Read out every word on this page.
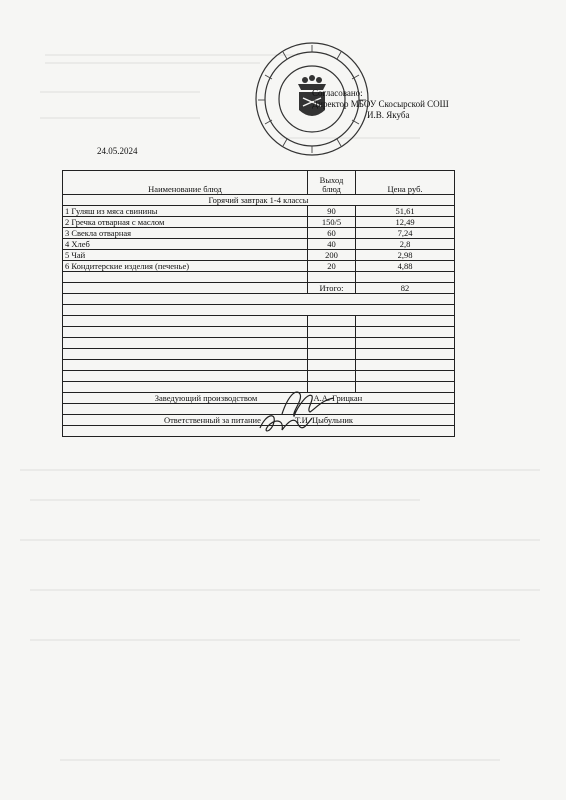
Согласовано:
Директор МБОУ Скосырской СОШ
И.В. Якуба
24.05.2024
Наименование блюд	Выход блюд	Цена руб.
Горячий завтрак 1-4 классы		
1 Гуляш из мяса свинины	90	51,61
2 Гречка отварная с маслом	150/5	12,49
3 Свекла отварная	60	7,24
4 Хлеб	40	2,8
5 Чай	200	2,98
6 Кондитерские изделия (печенье)	20	4,88

	Итого:	82

Заведующий производством А.А. Грицкан		

Ответственный за питание Т.И. Цыбульник		
